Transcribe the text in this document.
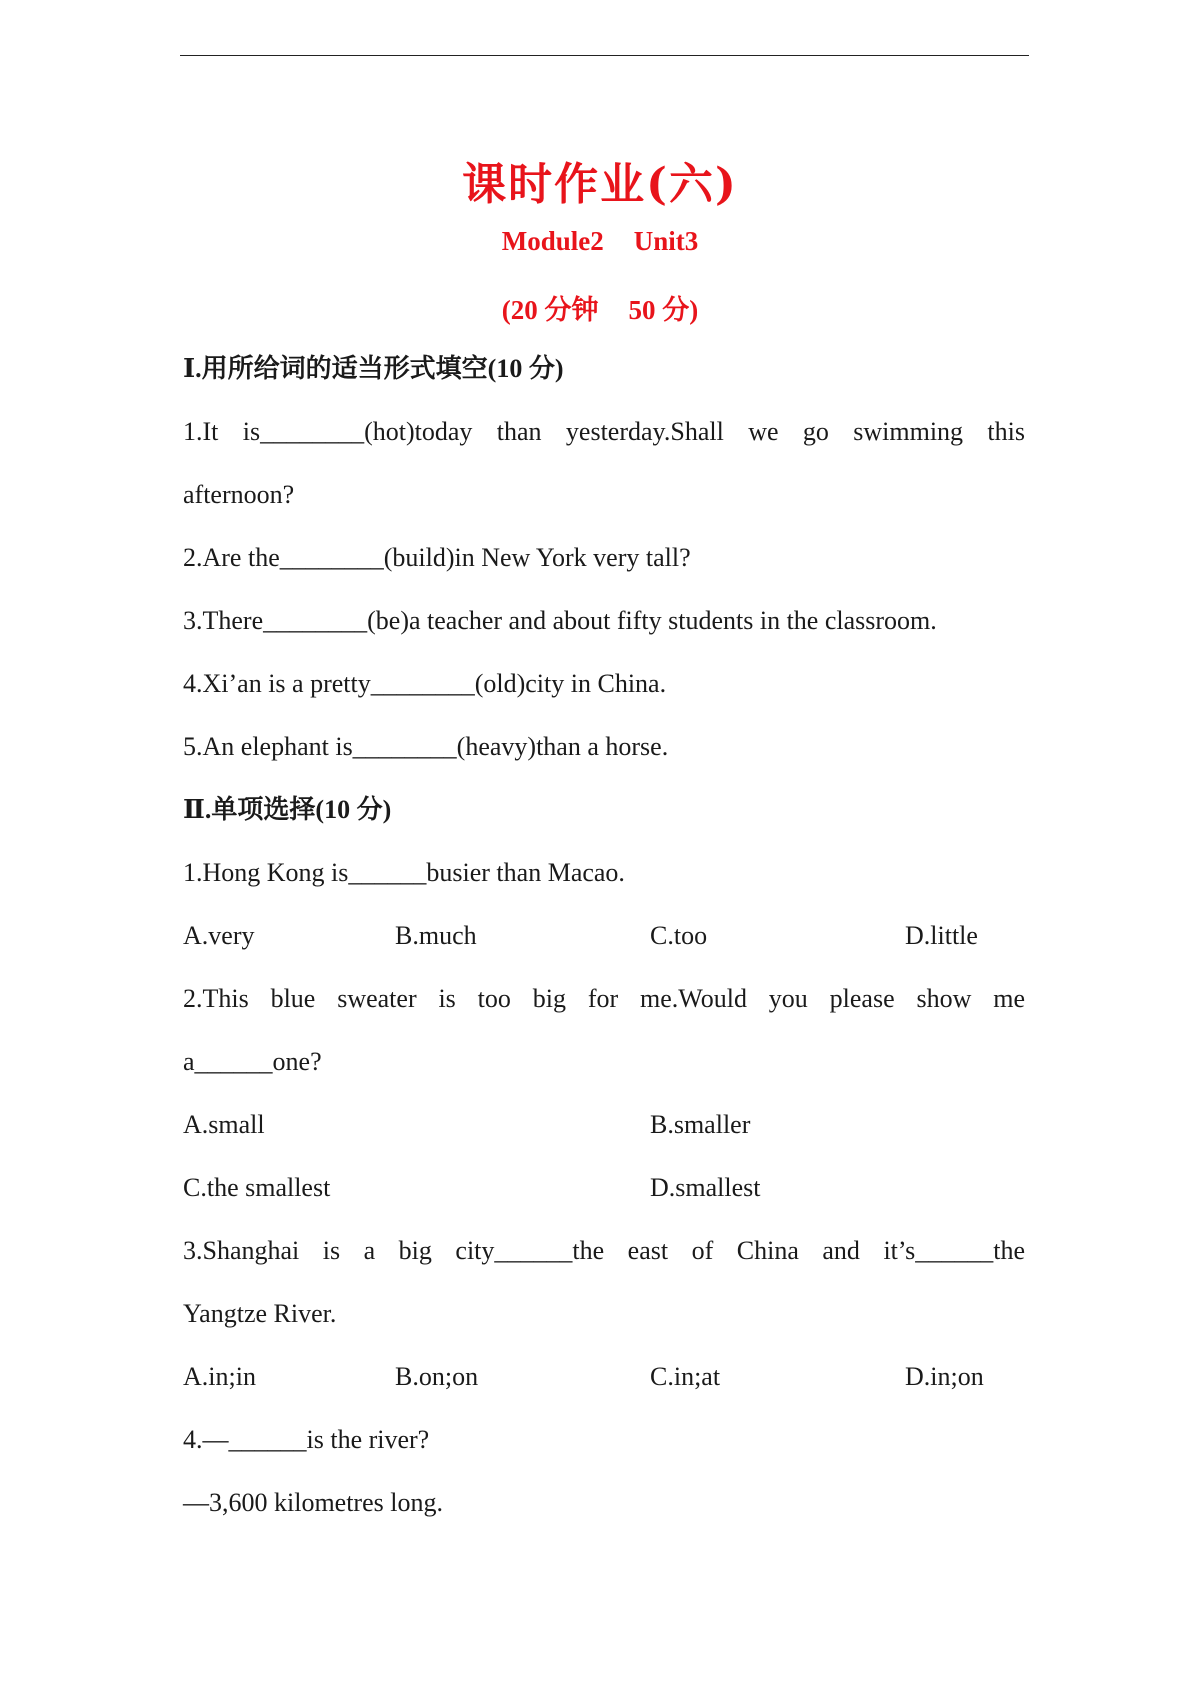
课时作业(六)
Module2 Unit3
(20 分钟 50 分)
Ⅰ.用所给词的适当形式填空(10 分)
1.It is________(hot)today than yesterday.Shall we go swimming this
afternoon?
2.Are the________(build)in New York very tall?
3.There________(be)a teacher and about fifty students in the classroom.
4.Xi’an is a pretty________(old)city in China.
5.An elephant is________(heavy)than a horse.
Ⅱ.单项选择(10 分)
1.Hong Kong is______busier than Macao.
A.very	B.much	C.too	D.little
2.This blue sweater is too big for me.Would you please show me
a______one?
A.small	B.smaller
C.the smallest	D.smallest
3.Shanghai is a big city______the east of China and it’s______the
Yangtze River.
A.in;in	B.on;on	C.in;at	D.in;on
4.—______is the river?
—3,600 kilometres long.
